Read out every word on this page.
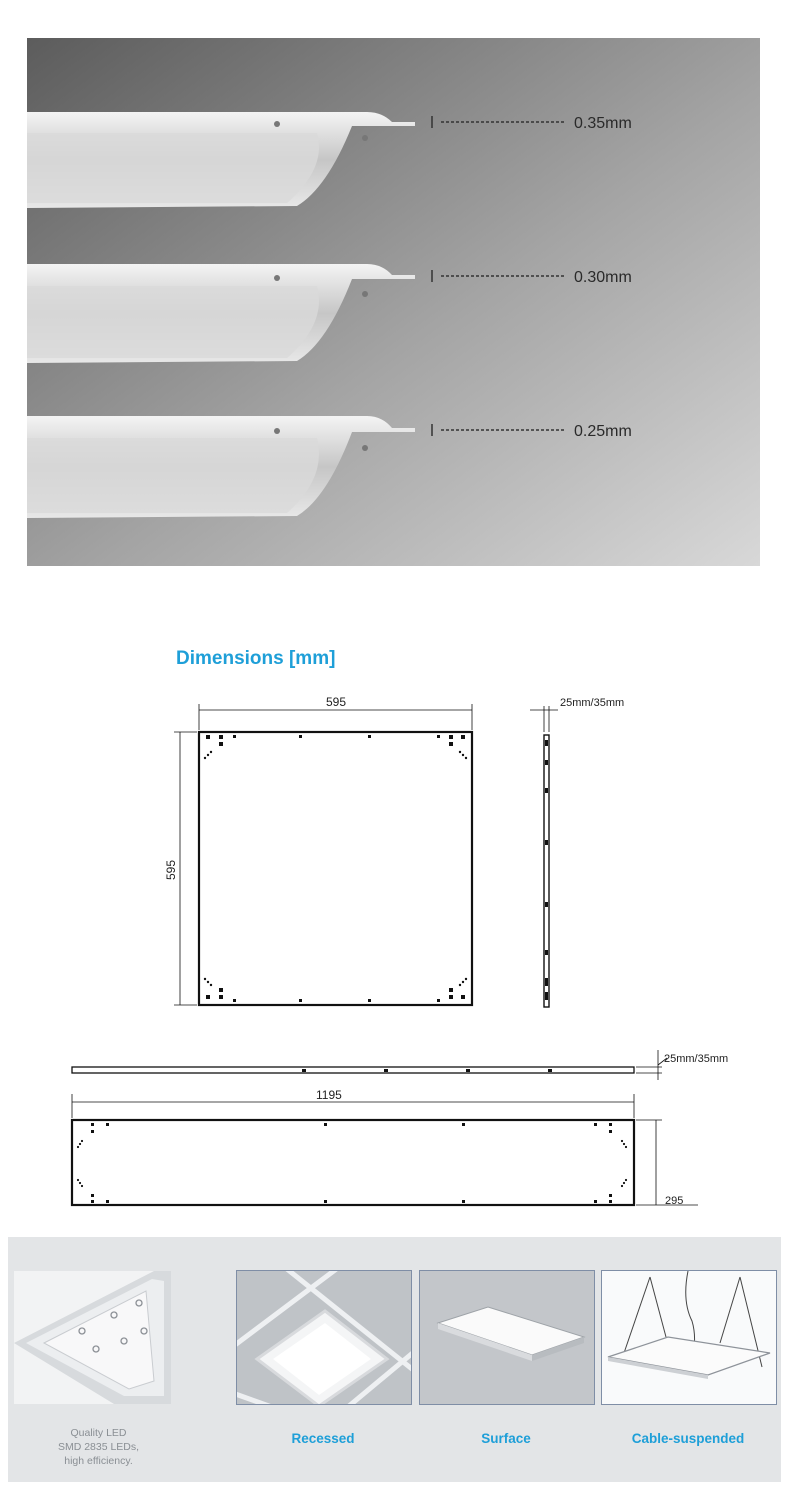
0.35mm
0.30mm
0.25mm
Dimensions [mm]
595
595
25mm/35mm
25mm/35mm
1195
295
Quality LED
SMD 2835 LEDs,
high efficiency.
Recessed	Surface	Cable-suspended
